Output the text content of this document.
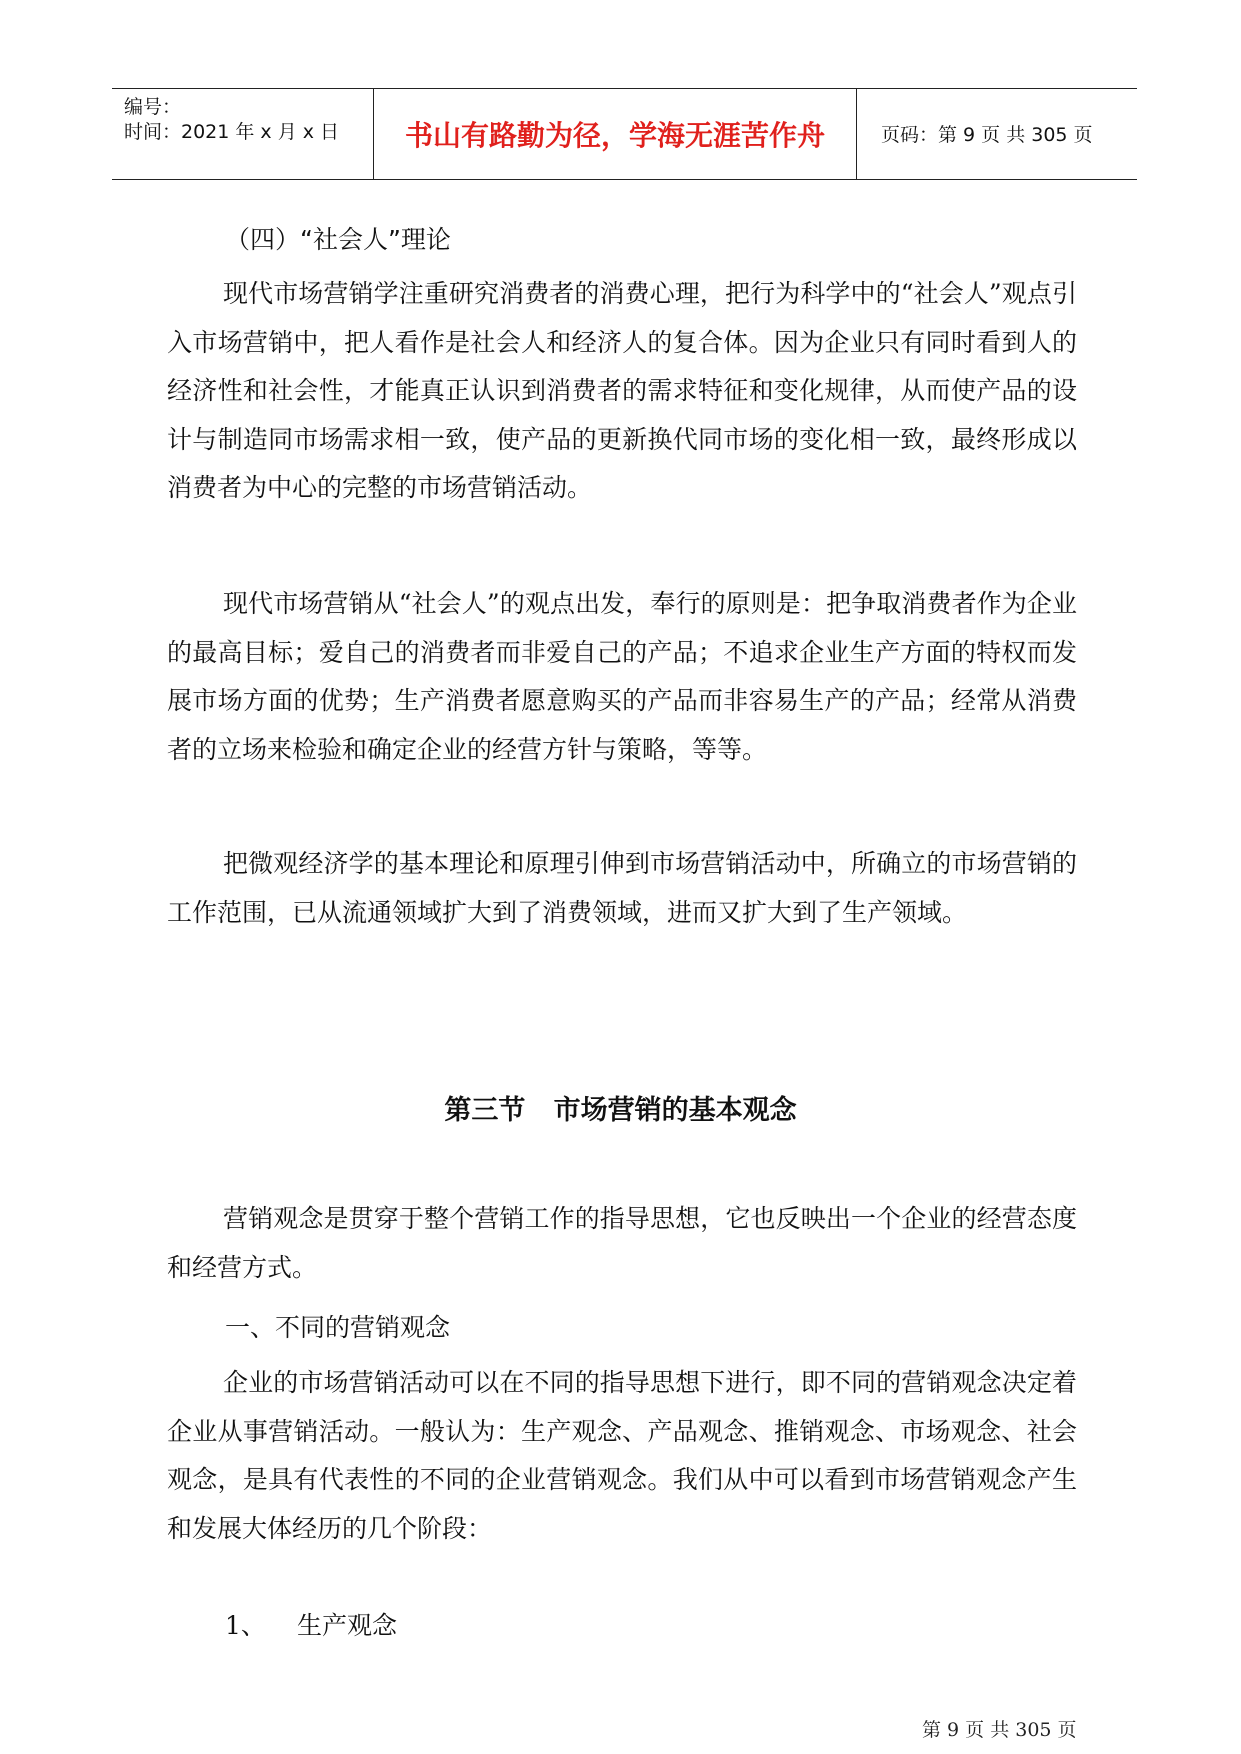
编号：
时间：2021 年 x 月 x 日	书山有路勤为径，学海无涯苦作舟	页码：第 9 页 共 305 页
（四）“社会人”理论

现代市场营销学注重研究消费者的消费心理，把行为科学中的“社会人”观点引入市场营销中，把人看作是社会人和经济人的复合体。因为企业只有同时看到人的经济性和社会性，才能真正认识到消费者的需求特征和变化规律，从而使产品的设计与制造同市场需求相一致，使产品的更新换代同市场的变化相一致，最终形成以消费者为中心的完整的市场营销活动。

现代市场营销从“社会人”的观点出发，奉行的原则是：把争取消费者作为企业的最高目标；爱自己的消费者而非爱自己的产品；不追求企业生产方面的特权而发展市场方面的优势；生产消费者愿意购买的产品而非容易生产的产品；经常从消费者的立场来检验和确定企业的经营方针与策略，等等。

把微观经济学的基本理论和原理引伸到市场营销活动中，所确立的市场营销的工作范围，已从流通领域扩大到了消费领域，进而又扩大到了生产领域。

第三节   市场营销的基本观念

营销观念是贯穿于整个营销工作的指导思想，它也反映出一个企业的经营态度和经营方式。

一、不同的营销观念

企业的市场营销活动可以在不同的指导思想下进行，即不同的营销观念决定着企业从事营销活动。一般认为：生产观念、产品观念、推销观念、市场观念、社会观念，是具有代表性的不同的企业营销观念。我们从中可以看到市场营销观念产生和发展大体经历的几个阶段：

1、 生产观念
第 9 页 共 305 页
